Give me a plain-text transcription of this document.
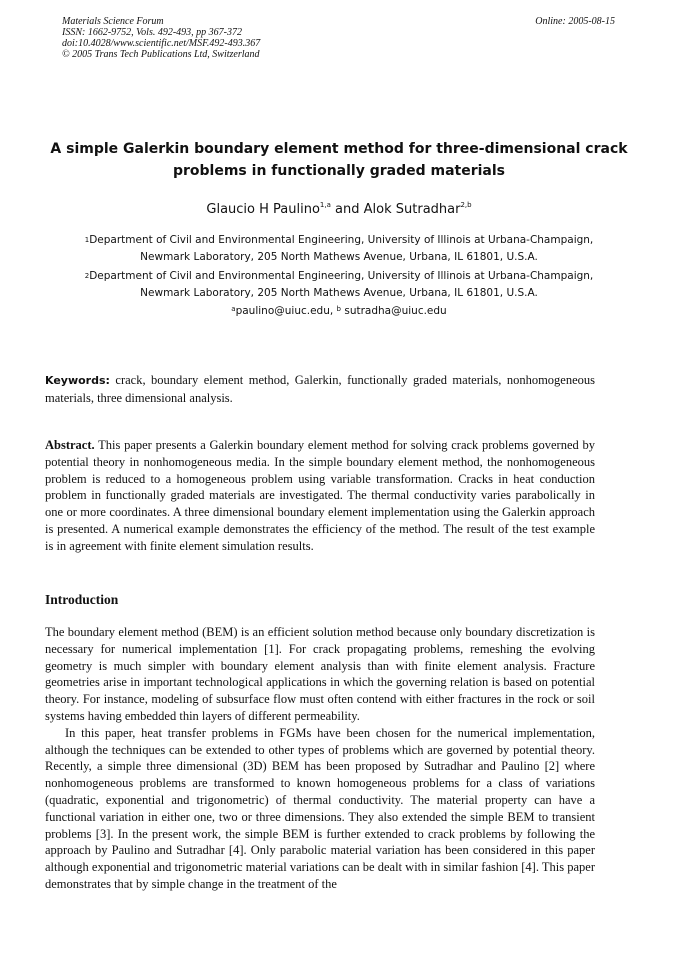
Materials Science Forum
ISSN: 1662-9752, Vols. 492-493, pp 367-372
doi:10.4028/www.scientific.net/MSF.492-493.367
© 2005 Trans Tech Publications Ltd, Switzerland
Online: 2005-08-15
A simple Galerkin boundary element method for three-dimensional crack problems in functionally graded materials
Glaucio H Paulino$^{1,a}$ and Alok Sutradhar$^{2,b}$
$^1$Department of Civil and Environmental Engineering, University of Illinois at Urbana-Champaign,
Newmark Laboratory, 205 North Mathews Avenue, Urbana, IL 61801, U.S.A.
$^2$Department of Civil and Environmental Engineering, University of Illinois at Urbana-Champaign,
Newmark Laboratory, 205 North Mathews Avenue, Urbana, IL 61801, U.S.A.
$^a$paulino@uiuc.edu, $^b$ sutradha@uiuc.edu
Keywords: crack, boundary element method, Galerkin, functionally graded materials, nonhomogeneous materials, three dimensional analysis.
Abstract. This paper presents a Galerkin boundary element method for solving crack problems governed by potential theory in nonhomogeneous media. In the simple boundary element method, the nonhomogeneous problem is reduced to a homogeneous problem using variable transformation. Cracks in heat conduction problem in functionally graded materials are investigated. The thermal conductivity varies parabolically in one or more coordinates. A three dimensional boundary element implementation using the Galerkin approach is presented. A numerical example demonstrates the efficiency of the method. The result of the test example is in agreement with finite element simulation results.
Introduction

The boundary element method (BEM) is an efficient solution method because only boundary discretization is necessary for numerical implementation [1]. For crack propagating problems, remeshing the evolving geometry is much simpler with boundary element analysis than with finite element analysis. Fracture geometries arise in important technological applications in which the governing relation is based on potential theory. For instance, modeling of subsurface flow must often contend with either fractures in the rock or soil systems having embedded thin layers of different permeability.

In this paper, heat transfer problems in FGMs have been chosen for the numerical implementation, although the techniques can be extended to other types of problems which are governed by potential theory. Recently, a simple three dimensional (3D) BEM has been proposed by Sutradhar and Paulino [2] where nonhomogeneous problems are transformed to known homogeneous problems for a class of variations (quadratic, exponential and trigonometric) of thermal conductivity. The material property can have a functional variation in either one, two or three dimensions. They also extended the simple BEM to transient problems [3]. In the present work, the simple BEM is further extended to crack problems by following the approach by Paulino and Sutradhar [4]. Only parabolic material variation has been considered in this paper although exponential and trigonometric material variations can be dealt with in similar fashion [4]. This paper demonstrates that by simple change in the treatment of the
